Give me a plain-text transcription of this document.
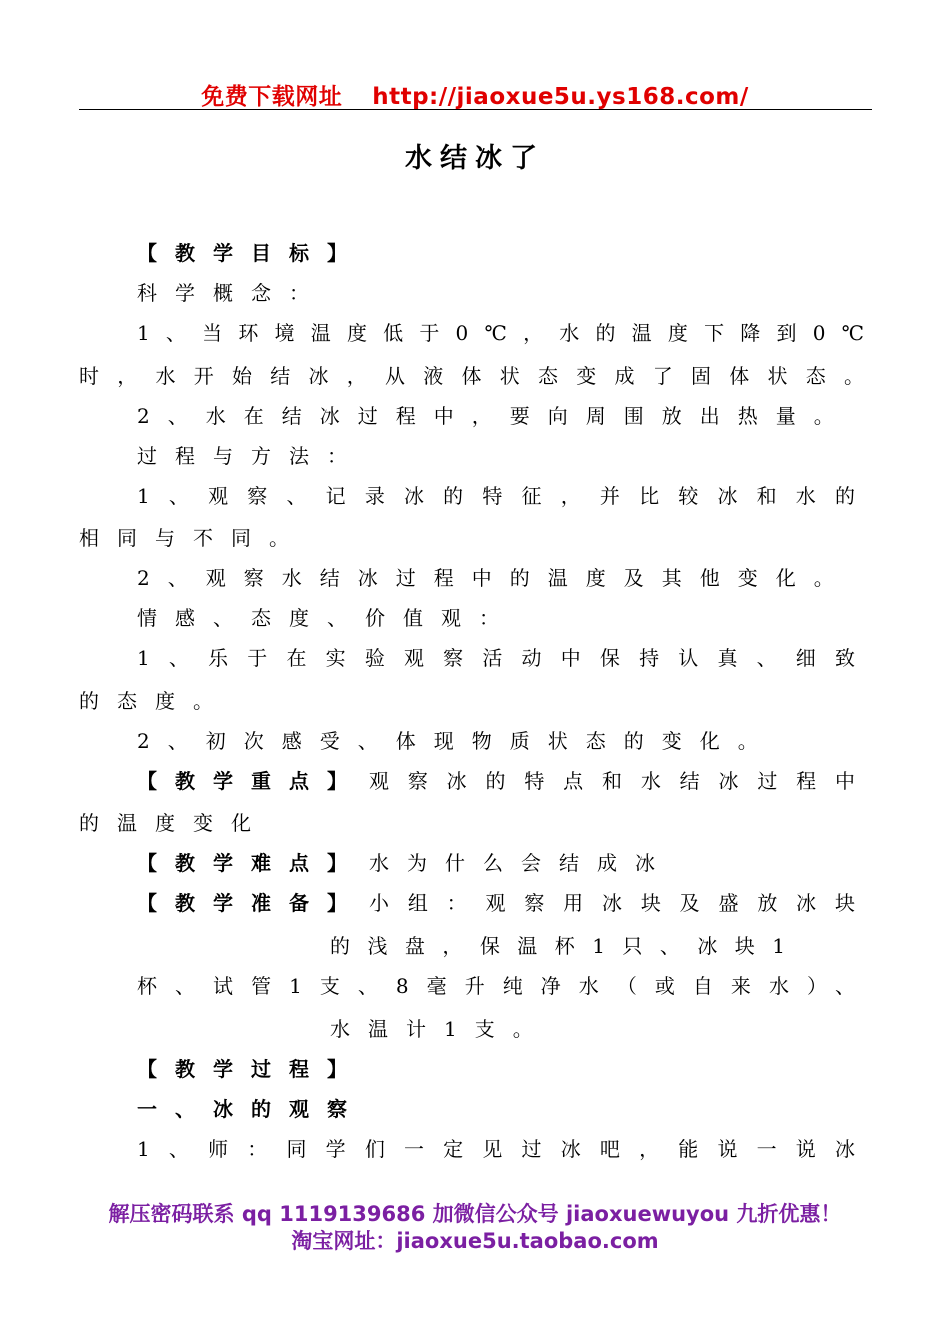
免费下载网址 http://jiaoxue5u.ys168.com/
水结冰了
【教学目标】
科学概念：
1、当环境温度低于0℃，水的温度下降到0℃
时，水开始结冰，从液体状态变成了固体状态。
2、水在结冰过程中，要向周围放出热量。
过程与方法：
1、观察、记录冰的特征，并比较冰和水的
相同与不同。
2、观察水结冰过程中的温度及其他变化。
情感、态度、价值观：
1、乐于在实验观察活动中保持认真、细致
的态度。
2、初次感受、体现物质状态的变化。
【教学重点】 观察冰的特点和水结冰过程中
的温度变化
【教学难点】 水为什么会结成冰
【教学准备】 小组：观察用冰块及盛放冰块
的浅盘，保温杯1只、冰块1
杯、试管1支、8毫升纯净水（或自来水）、
水温计1支。
【教学过程】
一、冰的观察
1、师：同学们一定见过冰吧，能说一说冰
解压密码联系 qq 1119139686 加微信公众号 jiaoxuewuyou 九折优惠！
淘宝网址：jiaoxue5u.taobao.com
